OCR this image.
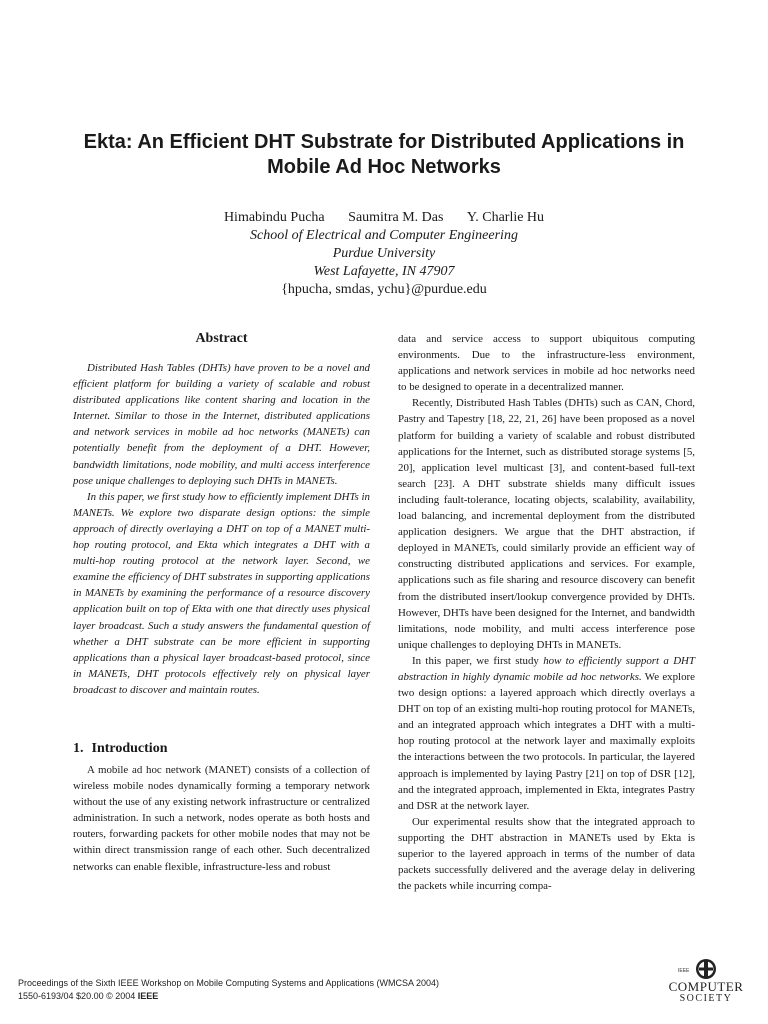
Ekta: An Efficient DHT Substrate for Distributed Applications in
Mobile Ad Hoc Networks
Himabindu Pucha Saumitra M. Das Y. Charlie Hu
School of Electrical and Computer Engineering
Purdue University
West Lafayette, IN 47907
{hpucha, smdas, ychu}@purdue.edu
Abstract

Distributed Hash Tables (DHTs) have proven to be a novel and efficient platform for building a variety of scalable and robust distributed applications like content sharing and location in the Internet. Similar to those in the Internet, distributed applications and network services in mobile ad hoc networks (MANETs) can potentially benefit from the deployment of a DHT. However, bandwidth limitations, node mobility, and multi access interference pose unique challenges to deploying such DHTs in MANETs.

In this paper, we first study how to efficiently implement DHTs in MANETs. We explore two disparate design options: the simple approach of directly overlaying a DHT on top of a MANET multi-hop routing protocol, and Ekta which integrates a DHT with a multi-hop routing protocol at the network layer. Second, we examine the efficiency of DHT substrates in supporting applications in MANETs by examining the performance of a resource discovery application built on top of Ekta with one that directly uses physical layer broadcast. Such a study answers the fundamental question of whether a DHT substrate can be more efficient in supporting applications than a physical layer broadcast-based protocol, since in MANETs, DHT protocols effectively rely on physical layer broadcast to discover and maintain routes.

1. Introduction

A mobile ad hoc network (MANET) consists of a collection of wireless mobile nodes dynamically forming a temporary network without the use of any existing network infrastructure or centralized administration. In such a network, nodes operate as both hosts and routers, forwarding packets for other mobile nodes that may not be within direct transmission range of each other. Such decentralized networks can enable flexible, infrastructure-less and robust

data and service access to support ubiquitous computing environments. Due to the infrastructure-less environment, applications and network services in mobile ad hoc networks need to be designed to operate in a decentralized manner.

Recently, Distributed Hash Tables (DHTs) such as CAN, Chord, Pastry and Tapestry [18, 22, 21, 26] have been proposed as a novel platform for building a variety of scalable and robust distributed applications for the Internet, such as distributed storage systems [5, 20], application level multicast [3], and content-based full-text search [23]. A DHT substrate shields many difficult issues including fault-tolerance, locating objects, scalability, availability, load balancing, and incremental deployment from the distributed application designers. We argue that the DHT abstraction, if deployed in MANETs, could similarly provide an efficient way of constructing distributed applications and services. For example, applications such as file sharing and resource discovery can benefit from the distributed insert/lookup convergence provided by DHTs. However, DHTs have been designed for the Internet, and bandwidth limitations, node mobility, and multi access interference pose unique challenges to deploying DHTs in MANETs.

In this paper, we first study how to efficiently support a DHT abstraction in highly dynamic mobile ad hoc networks. We explore two design options: a layered approach which directly overlays a DHT on top of an existing multi-hop routing protocol for MANETs, and an integrated approach which integrates a DHT with a multi-hop routing protocol at the network layer and maximally exploits the interactions between the two protocols. In particular, the layered approach is implemented by laying Pastry [21] on top of DSR [12], and the integrated approach, implemented in Ekta, integrates Pastry and DSR at the network layer.

Our experimental results show that the integrated approach to supporting the DHT abstraction in MANETs used by Ekta is superior to the layered approach in terms of the number of data packets successfully delivered and the average delay in delivering the packets while incurring compa-

Proceedings of the Sixth IEEE Workshop on Mobile Computing Systems and Applications (WMCSA 2004)
1550-6193/04 $20.00 © 2004 IEEE
IEEE
COMPUTER
SOCIETY
